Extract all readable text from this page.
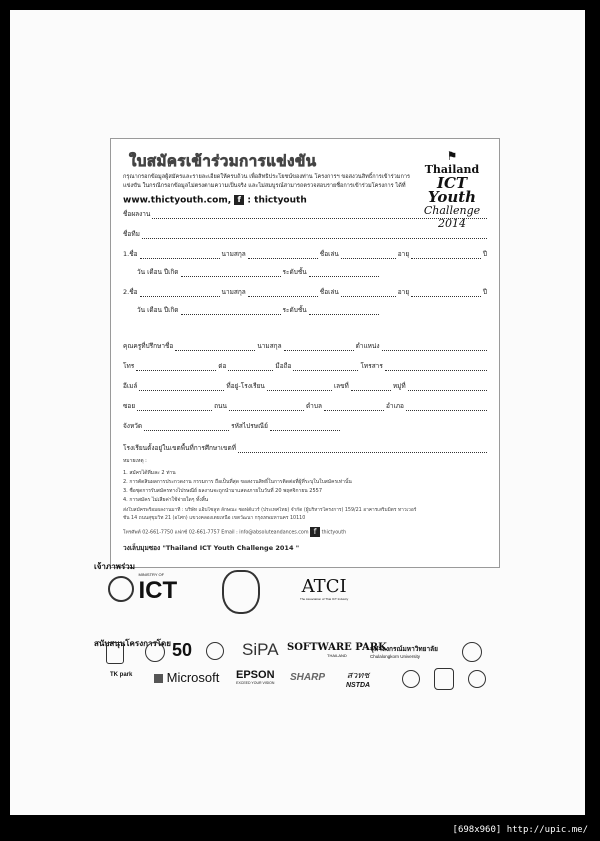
ใบสมัครเข้าร่วมการแข่งขัน	⚑
Thailand
ICT Youth
Challenge
2014
กรุณากรอกข้อมูลผู้สมัครและรายละเอียดให้ครบถ้วน เพื่อสิทธิประโยชน์ของท่าน โครงการฯ ขอสงวนสิทธิ์การเข้าร่วมการแข่งขัน ในกรณีกรอกข้อมูลไม่ตรงตามความเป็นจริง และไม่สมบูรณ์สามารถตรวจสอบรายชื่อการเข้าร่วมโครงการ ได้ที่
www.thictyouth.com, f : thictyouth
ชื่อผลงาน
ชื่อทีม
1.ชื่อ	นามสกุล	ชื่อเล่น	อายุ	ปี
วัน เดือน ปีเกิด	ระดับชั้น
2.ชื่อ	นามสกุล	ชื่อเล่น	อายุ	ปี
วัน เดือน ปีเกิด	ระดับชั้น
คุณครูที่ปรึกษาชื่อ	นามสกุล	ตำแหน่ง
โทร	ต่อ	มือถือ	โทรสาร
อีเมล์	ที่อยู่-โรงเรียน	เลขที่	หมู่ที่
ซอย	ถนน	ตำบล	อำเภอ
จังหวัด	รหัสไปรษณีย์
โรงเรียนตั้งอยู่ในเขตพื้นที่การศึกษาเขตที่
หมายเหตุ :
1. สมัครได้ทีมละ 2 ท่าน
2. การตัดสินผลการประกวดงาน กรรมการ ถือเป็นที่สุด ขอสงวนสิทธิ์ในการติดต่อที่ผู้ที่ระบุในใบสมัครเท่านั้น
3. ชื่อชุดการรับสมัครทางไปรษณีย์ ผลงานจะถูกนำมาแสดงภายในวันที่ 20 พฤศจิกายน 2557
4. การสมัคร ไม่เสียค่าใช้จ่ายใดๆ ทั้งสิ้น
ส่งใบสมัครพร้อมผลงานมาที่ : บริษัท แอ็บโซลูท ลักษณะ ซอฟต์แวร์ (ประเทศไทย) จำกัด (ผู้บริหารโครงการ) 159/21 อาคารเสริมมิตร ทาวเวอร์
ชั้น 14 ถนนสุขุมวิท 21 (อโศก) แขวงคลองเตยเหนือ เขตวัฒนา กรุงเทพมหานคร 10110
โทรศัพท์ 02-661-7750 แฟกซ์ 02-661-7757 Email : info@absoluteandances.com f thictyouth
วงเล็บมุมซอง "Thailand ICT Youth Challenge 2014 "
เจ้าภาพร่วม

MINISTRY OF
ICT	ATCI
The Association of Thai ICT Industry
สนับสนุนโครงการโดย 50	SiPA SOFTWARE PARK
THAILAND
จุฬาลงกรณ์มหาวิทยาลัย
Chulalongkorn University
TK park	Microsoft EPSON
EXCEED YOUR VISION SHARP สวทช
NSTDA
[698x960] http://upic.me/
